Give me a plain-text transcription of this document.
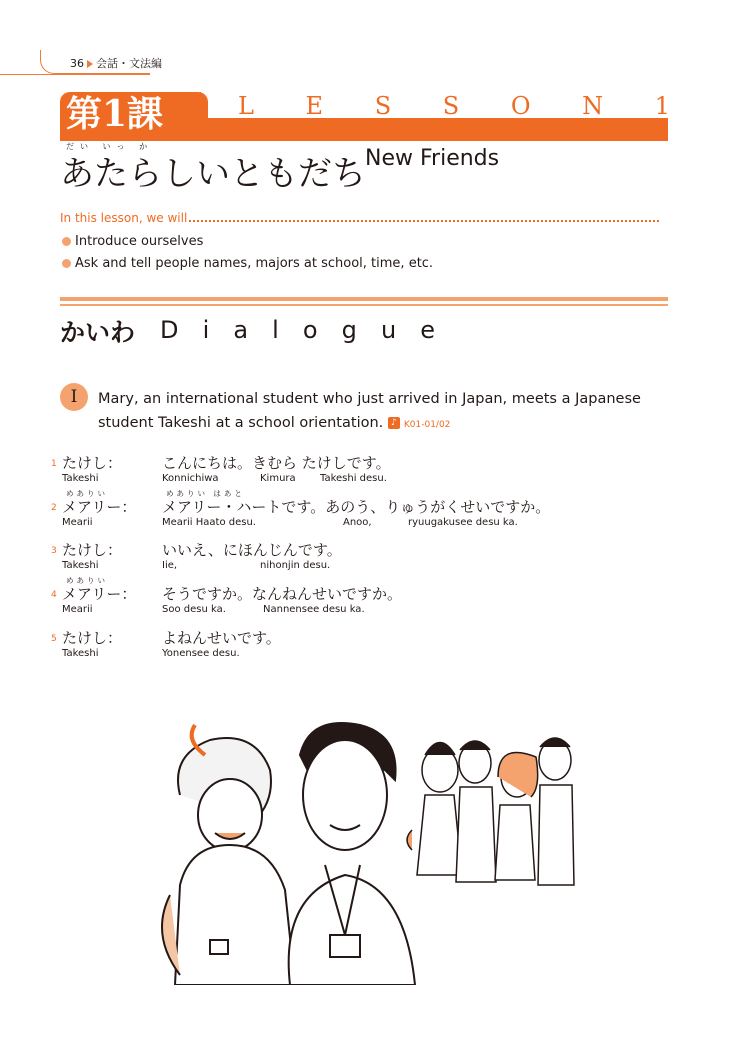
36 会話・文法編
第1課	L E S S O N 1
だい いっ か
あたらしいともだち New Friends
In this lesson, we will
Introduce ourselves
Ask and tell people names, majors at school, time, etc.
かいわ D i a l o g u e
I	Mary, an international student who just arrived in Japan, meets a Japanese student Takeshi at a school orientation. ♪ K01-01/02
1 たけし：	こんにちは。きむら たけしです。
Takeshi	Konnichiwa	Kimura Takeshi desu.
めありい	めありい はあと
2 メアリー： メアリー・ハートです。あのう、りゅうがくせいですか。
Mearii	Mearii Haato desu.	Anoo,	ryuugakusee desu ka.
3 たけし：	いいえ、にほんじんです。
Takeshi	Iie,	nihonjin desu.
めありい
4 メアリー： そうですか。なんねんせいですか。
Mearii	Soo desu ka.	Nannensee desu ka.
5 たけし：	よねんせいです。
Takeshi	Yonensee desu.
